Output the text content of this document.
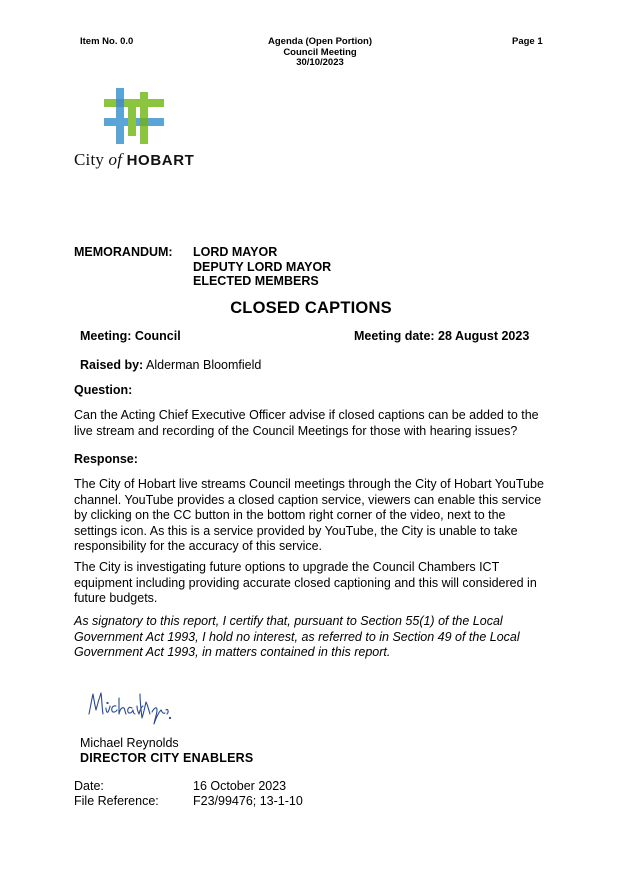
Item No. 0.0	Agenda (Open Portion)
Council Meeting
30/10/2023
Page 1
City of HOBART
MEMORANDUM: LORD MAYOR
DEPUTY LORD MAYOR
ELECTED MEMBERS
CLOSED CAPTIONS
Meeting: Council	Meeting date: 28 August 2023
Raised by: Alderman Bloomfield
Question:
Can the Acting Chief Executive Officer advise if closed captions can be added to the
live stream and recording of the Council Meetings for those with hearing issues?
Response:
The City of Hobart live streams Council meetings through the City of Hobart YouTube
channel. YouTube provides a closed caption service, viewers can enable this service
by clicking on the CC button in the bottom right corner of the video, next to the
settings icon. As this is a service provided by YouTube, the City is unable to take
responsibility for the accuracy of this service.
The City is investigating future options to upgrade the Council Chambers ICT
equipment including providing accurate closed captioning and this will considered in
future budgets.
As signatory to this report, I certify that, pursuant to Section 55(1) of the Local
Government Act 1993, I hold no interest, as referred to in Section 49 of the Local
Government Act 1993, in matters contained in this report.
Michael Reynolds
DIRECTOR CITY ENABLERS
Date:	16 October 2023
File Reference:	F23/99476; 13-1-10
